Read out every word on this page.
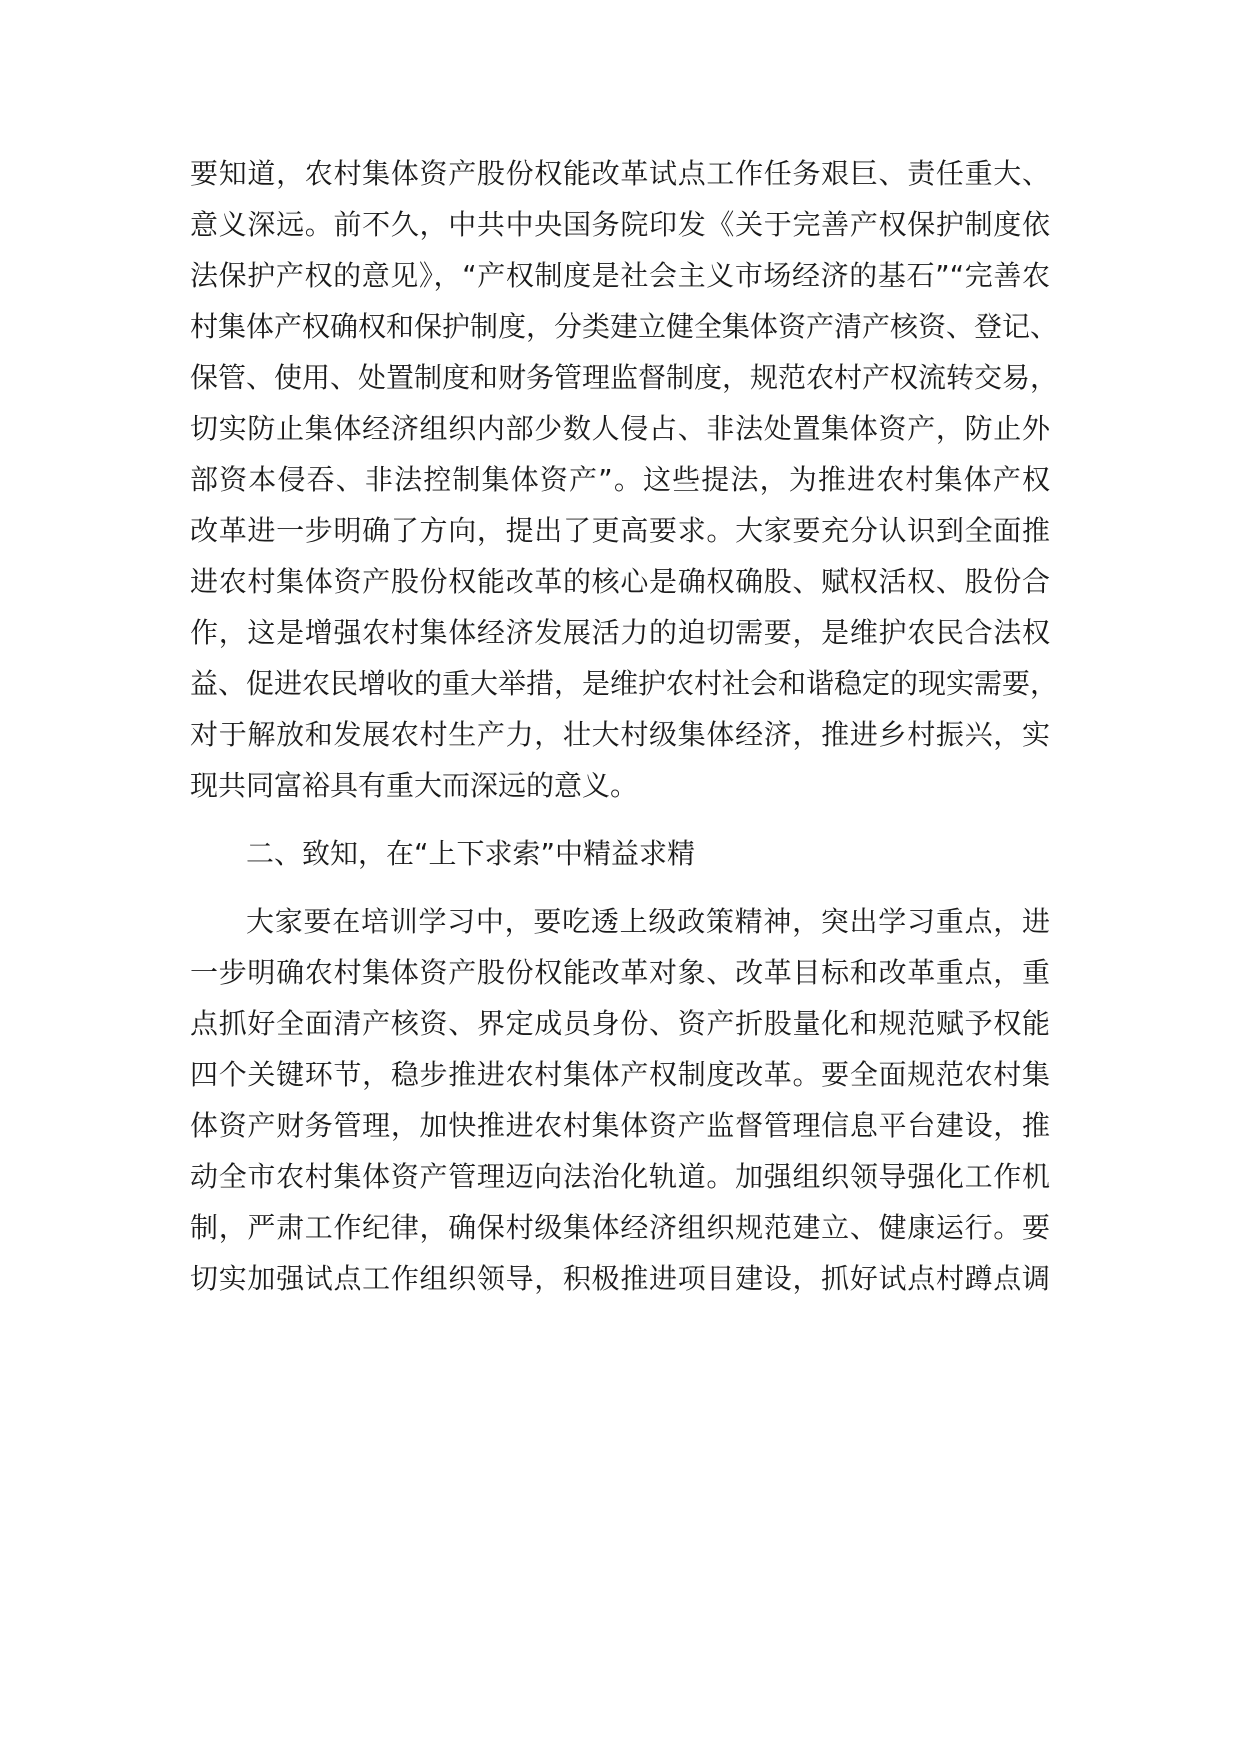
要知道，农村集体资产股份权能改革试点工作任务艰巨、责任重大、
意义深远。前不久，中共中央国务院印发《关于完善产权保护制度依
法保护产权的意见》，“产权制度是社会主义市场经济的基石”“完善农
村集体产权确权和保护制度，分类建立健全集体资产清产核资、登记、
保管、使用、处置制度和财务管理监督制度，规范农村产权流转交易，
切实防止集体经济组织内部少数人侵占、非法处置集体资产，防止外
部资本侵吞、非法控制集体资产”。这些提法，为推进农村集体产权
改革进一步明确了方向，提出了更高要求。大家要充分认识到全面推
进农村集体资产股份权能改革的核心是确权确股、赋权活权、股份合
作，这是增强农村集体经济发展活力的迫切需要，是维护农民合法权
益、促进农民增收的重大举措，是维护农村社会和谐稳定的现实需要，
对于解放和发展农村生产力，壮大村级集体经济，推进乡村振兴，实
现共同富裕具有重大而深远的意义。
二、致知，在“上下求索”中精益求精
大家要在培训学习中，要吃透上级政策精神，突出学习重点，进
一步明确农村集体资产股份权能改革对象、改革目标和改革重点，重
点抓好全面清产核资、界定成员身份、资产折股量化和规范赋予权能
四个关键环节，稳步推进农村集体产权制度改革。要全面规范农村集
体资产财务管理，加快推进农村集体资产监督管理信息平台建设，推
动全市农村集体资产管理迈向法治化轨道。加强组织领导强化工作机
制，严肃工作纪律，确保村级集体经济组织规范建立、健康运行。要
切实加强试点工作组织领导，积极推进项目建设，抓好试点村蹲点调
